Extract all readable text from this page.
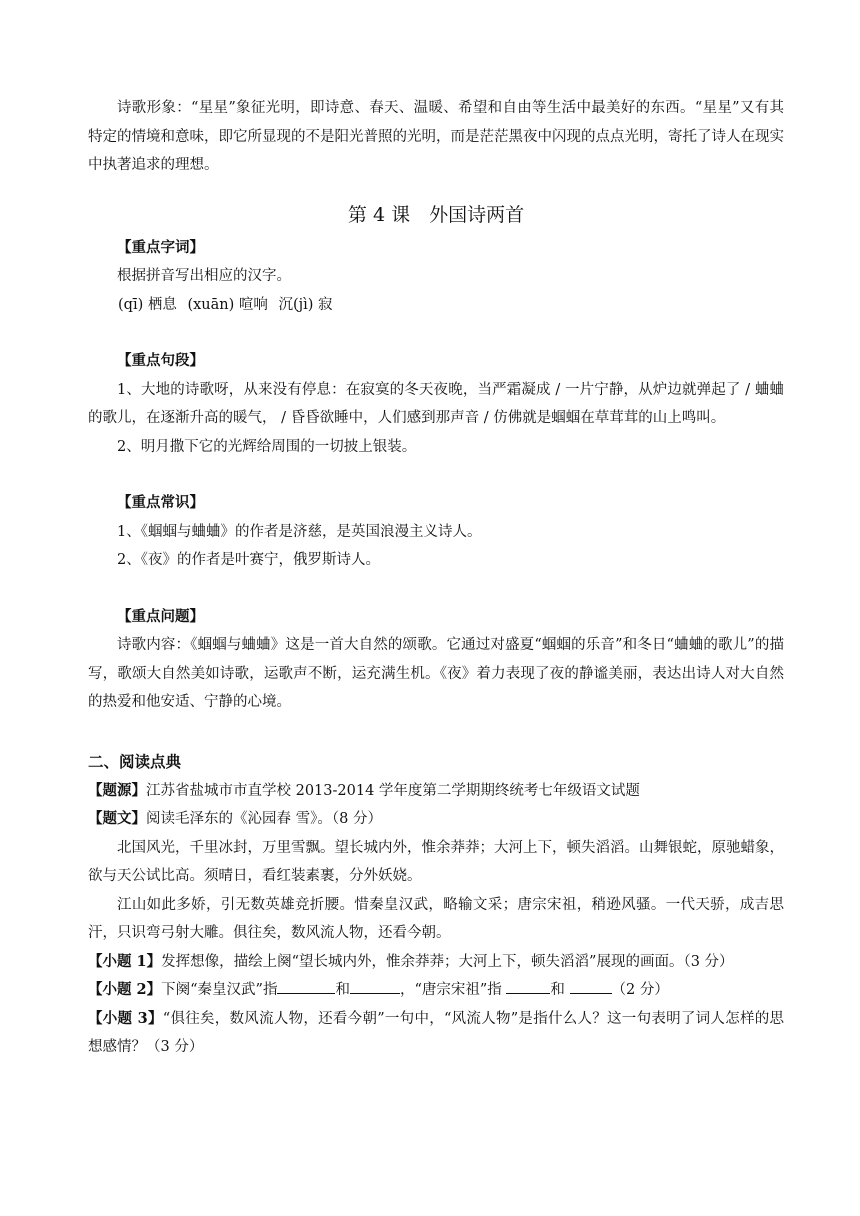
诗歌形象：“星星”象征光明，即诗意、春天、温暖、希望和自由等生活中最美好的东西。“星星”又有其特定的情境和意味，即它所显现的不是阳光普照的光明，而是茫茫黑夜中闪现的点点光明，寄托了诗人在现实中执著追求的理想。

第 4 课　外国诗两首

【重点字词】

根据拼音写出相应的汉字。

(qī) 栖息 (xuān) 喧响 沉(jì) 寂

【重点句段】

1、大地的诗歌呀，从来没有停息：在寂寞的冬天夜晚，当严霜凝成 / 一片宁静，从炉边就弹起了 / 蛐蛐的歌儿，在逐渐升高的暖气， / 昏昏欲睡中，人们感到那声音 / 仿佛就是蝈蝈在草茸茸的山上鸣叫。

2、明月撒下它的光辉给周围的一切披上银装。

【重点常识】

1、《蝈蝈与蛐蛐》的作者是济慈，是英国浪漫主义诗人。

2、《夜》的作者是叶赛宁，俄罗斯诗人。

【重点问题】

诗歌内容：《蝈蝈与蛐蛐》这是一首大自然的颂歌。它通过对盛夏“蝈蝈的乐音”和冬日“蛐蛐的歌儿”的描写，歌颂大自然美如诗歌，运歌声不断，运充满生机。《夜》着力表现了夜的静谧美丽，表达出诗人对大自然的热爱和他安适、宁静的心境。

二、阅读点典

【题源】江苏省盐城市市直学校 2013-2014 学年度第二学期期终统考七年级语文试题

【题文】阅读毛泽东的《沁园春 雪》。（8 分）

北国风光，千里冰封，万里雪飘。望长城内外，惟余莽莽；大河上下，顿失滔滔。山舞银蛇，原驰蜡象，欲与天公试比高。须晴日，看红装素裹，分外妖娆。

江山如此多娇，引无数英雄竞折腰。惜秦皇汉武，略输文采；唐宗宋祖，稍逊风骚。一代天骄，成吉思汗，只识弯弓射大雕。俱往矣，数风流人物，还看今朝。

【小题 1】发挥想像，描绘上阕“望长城内外，惟余莽莽；大河上下，顿失滔滔”展现的画面。（3 分）

【小题 2】下阕“秦皇汉武”指	和	，“唐宗宋祖”指	和	（2 分）

【小题 3】“俱往矣，数风流人物，还看今朝”一句中，“风流人物”是指什么人？这一句表明了词人怎样的思想感情？（3 分）
